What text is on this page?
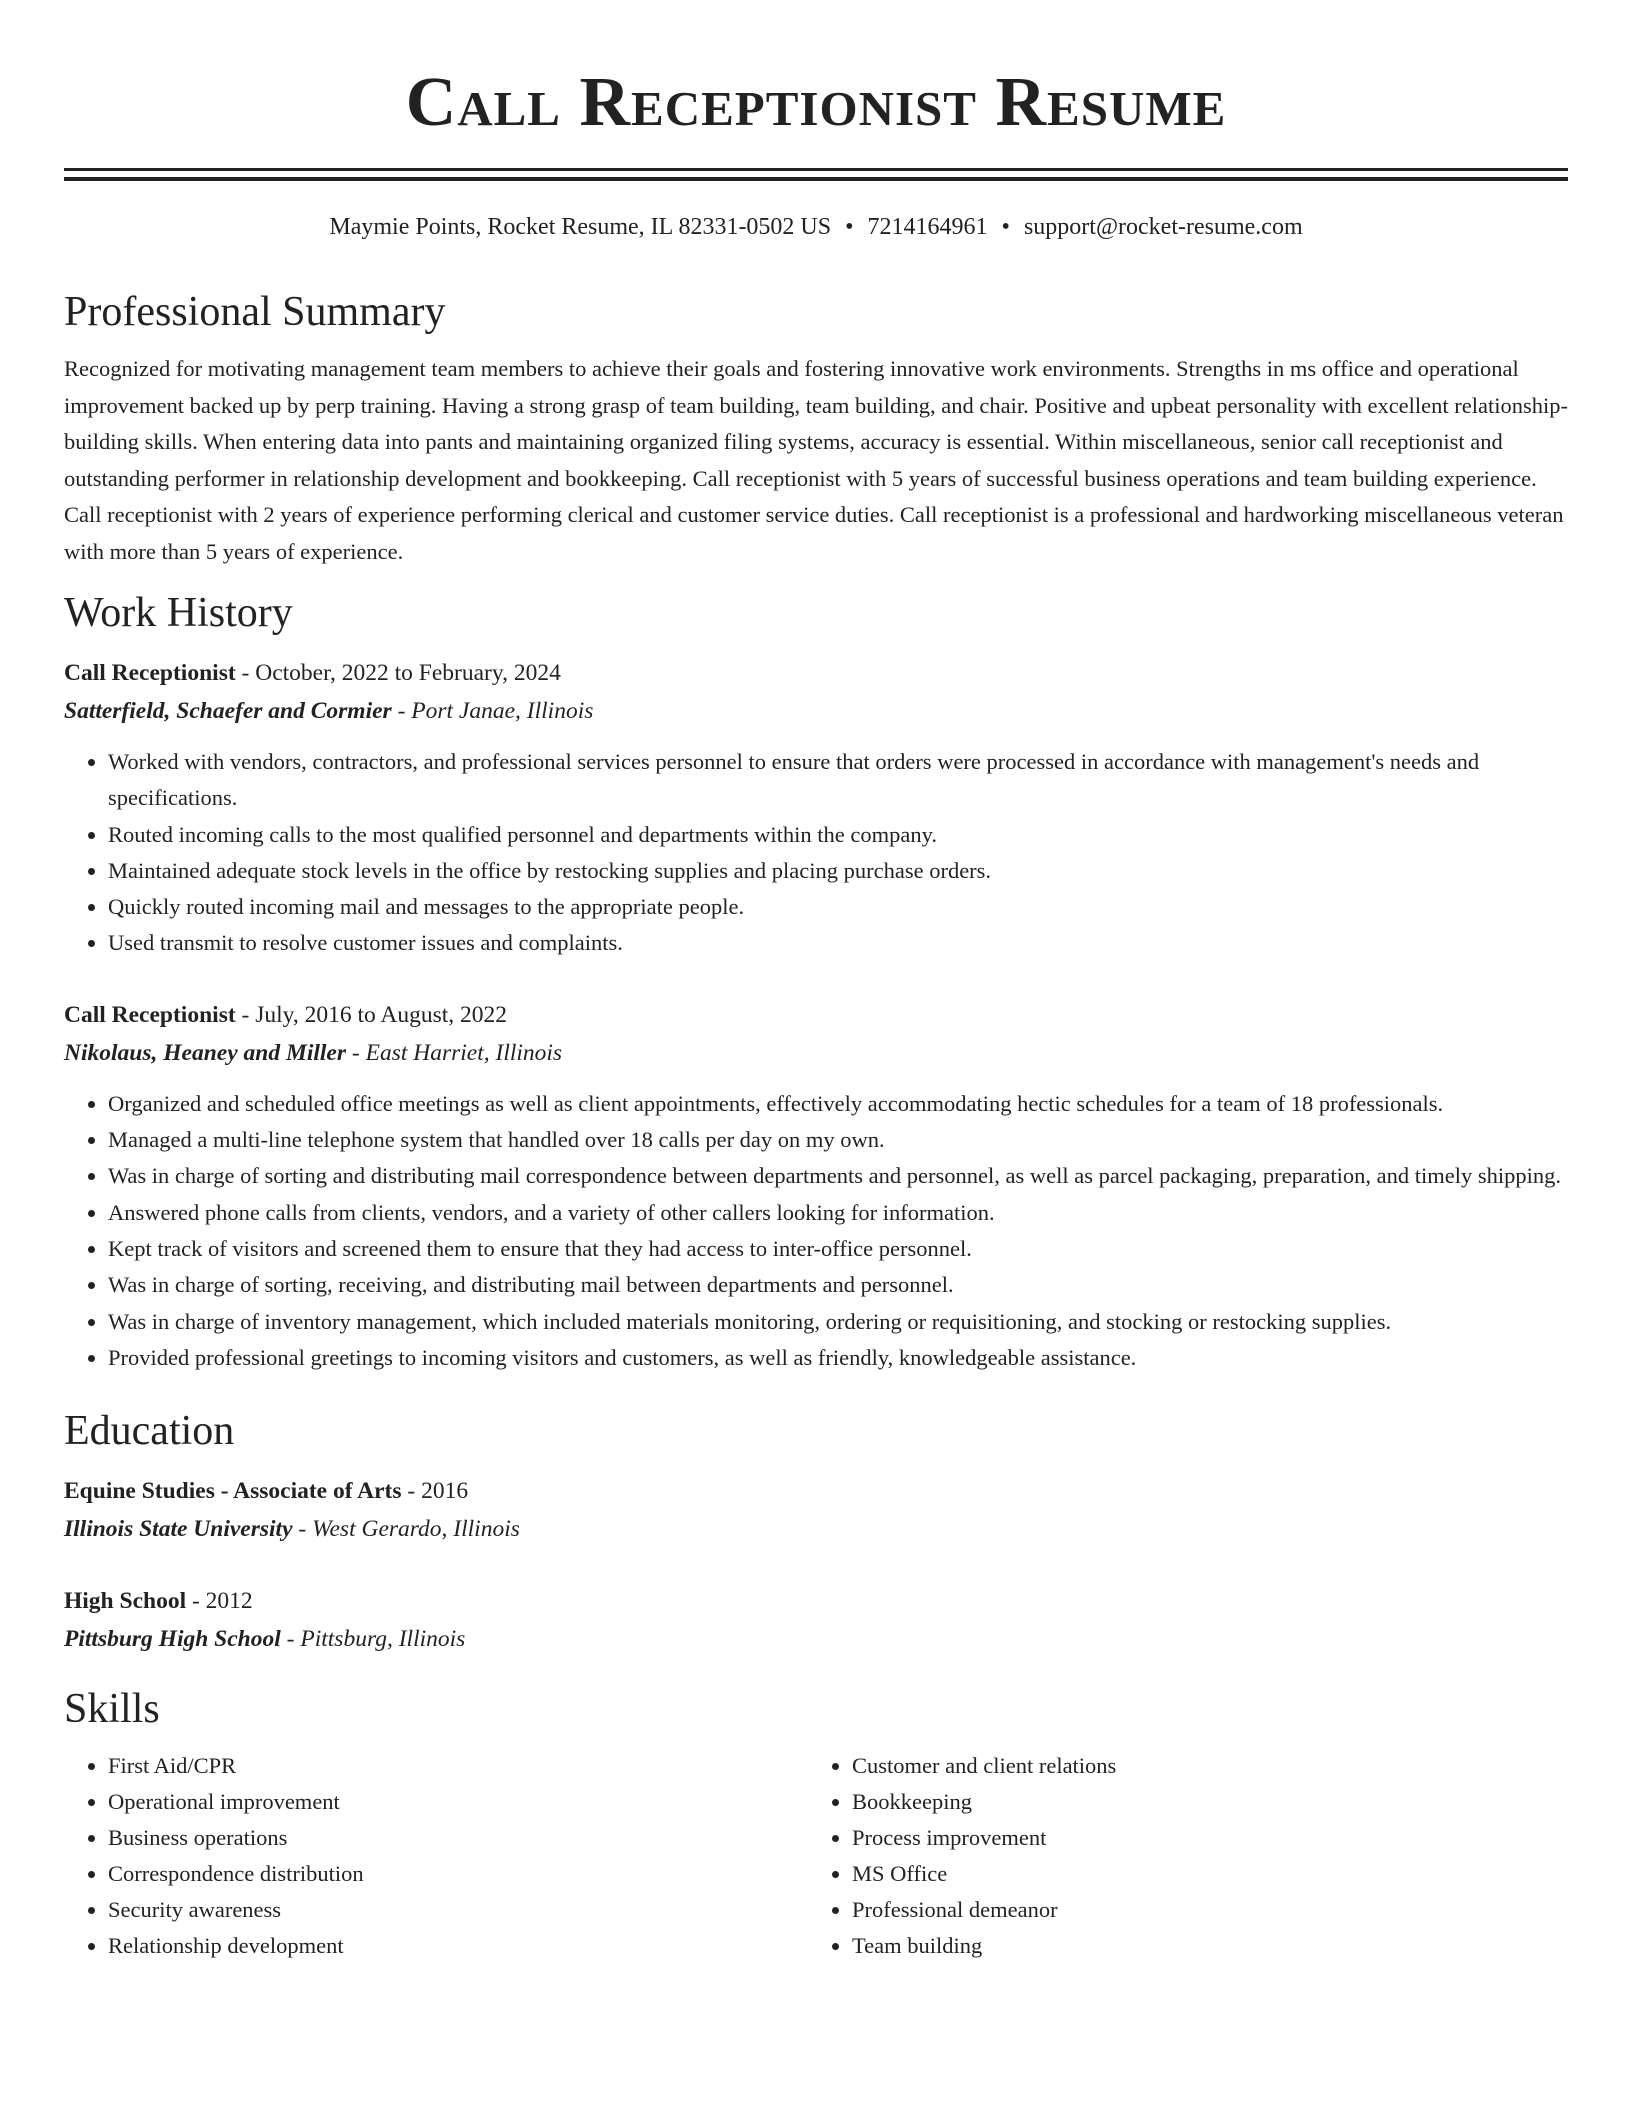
Call Receptionist Resume
Maymie Points, Rocket Resume, IL 82331-0502 US • 7214164961 • support@rocket-resume.com
Professional Summary

Recognized for motivating management team members to achieve their goals and fostering innovative work environments. Strengths in ms office and operational improvement backed up by perp training. Having a strong grasp of team building, team building, and chair. Positive and upbeat personality with excellent relationship-building skills. When entering data into pants and maintaining organized filing systems, accuracy is essential. Within miscellaneous, senior call receptionist and outstanding performer in relationship development and bookkeeping. Call receptionist with 5 years of successful business operations and team building experience. Call receptionist with 2 years of experience performing clerical and customer service duties. Call receptionist is a professional and hardworking miscellaneous veteran with more than 5 years of experience.

Work History
Call Receptionist - October, 2022 to February, 2024
Satterfield, Schaefer and Cormier - Port Janae, Illinois
• Worked with vendors, contractors, and professional services personnel to ensure that orders were processed in accordance with management's needs and specifications.
• Routed incoming calls to the most qualified personnel and departments within the company.
• Maintained adequate stock levels in the office by restocking supplies and placing purchase orders.
• Quickly routed incoming mail and messages to the appropriate people.
• Used transmit to resolve customer issues and complaints.
Call Receptionist - July, 2016 to August, 2022
Nikolaus, Heaney and Miller - East Harriet, Illinois
• Organized and scheduled office meetings as well as client appointments, effectively accommodating hectic schedules for a team of 18 professionals.
• Managed a multi-line telephone system that handled over 18 calls per day on my own.
• Was in charge of sorting and distributing mail correspondence between departments and personnel, as well as parcel packaging, preparation, and timely shipping.
• Answered phone calls from clients, vendors, and a variety of other callers looking for information.
• Kept track of visitors and screened them to ensure that they had access to inter-office personnel.
• Was in charge of sorting, receiving, and distributing mail between departments and personnel.
• Was in charge of inventory management, which included materials monitoring, ordering or requisitioning, and stocking or restocking supplies.
• Provided professional greetings to incoming visitors and customers, as well as friendly, knowledgeable assistance.
Education
Equine Studies - Associate of Arts - 2016
Illinois State University - West Gerardo, Illinois
High School - 2012
Pittsburg High School - Pittsburg, Illinois
Skills
• First Aid/CPR
• Operational improvement
• Business operations
• Correspondence distribution
• Security awareness
• Relationship development
• Customer and client relations
• Bookkeeping
• Process improvement
• MS Office
• Professional demeanor
• Team building
